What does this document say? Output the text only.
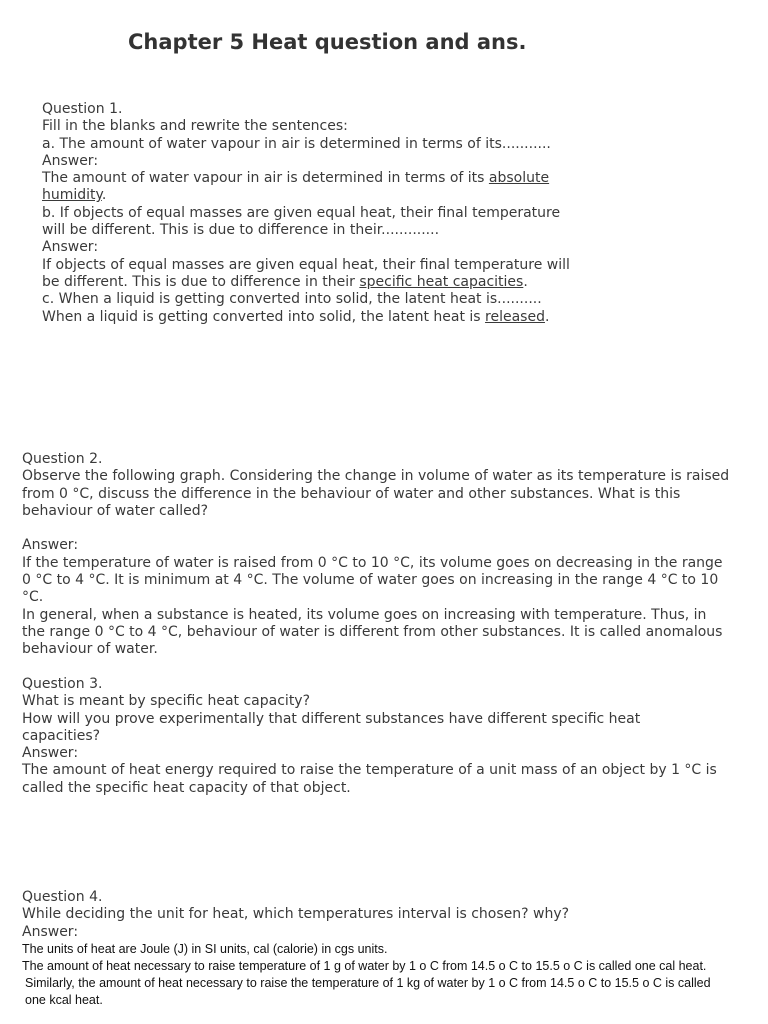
Chapter 5 Heat question and ans.

Question 1.

Fill in the blanks and rewrite the sentences:

a. The amount of water vapour in air is determined in terms of its...........

Answer:

The amount of water vapour in air is determined in terms of its absolute humidity.

b. If objects of equal masses are given equal heat, their final temperature will be different. This is due to difference in their.............

Answer:

If objects of equal masses are given equal heat, their final temperature will be different. This is due to difference in their specific heat capacities.

c. When a liquid is getting converted into solid, the latent heat is..........

When a liquid is getting converted into solid, the latent heat is released.

Question 2.

Observe the following graph. Considering the change in volume of water as its temperature is raised from 0 °C, discuss the difference in the behaviour of water and other substances. What is this behaviour of water called?

Answer:

If the temperature of water is raised from 0 °C to 10 °C, its volume goes on decreasing in the range 0 °C to 4 °C. It is minimum at 4 °C. The volume of water goes on increasing in the range 4 °C to 10 °C.

In general, when a substance is heated, its volume goes on increasing with temperature. Thus, in the range 0 °C to 4 °C, behaviour of water is different from other substances. It is called anomalous behaviour of water.

Question 3.

What is meant by specific heat capacity?

How will you prove experimentally that different substances have different specific heat capacities?

Answer:

The amount of heat energy required to raise the temperature of a unit mass of an object by 1 °C is called the specific heat capacity of that object.

Question 4.

While deciding the unit for heat, which temperatures interval is chosen? why?

Answer:

The units of heat are Joule (J) in SI units, cal (calorie) in cgs units.

The amount of heat necessary to raise temperature of 1 g of water by 1 o C from 14.5 o C to 15.5 o C is called one cal heat.

Similarly, the amount of heat necessary to raise the temperature of 1 kg of water by 1 o C from 14.5 o C to 15.5 o C is called one kcal heat.
